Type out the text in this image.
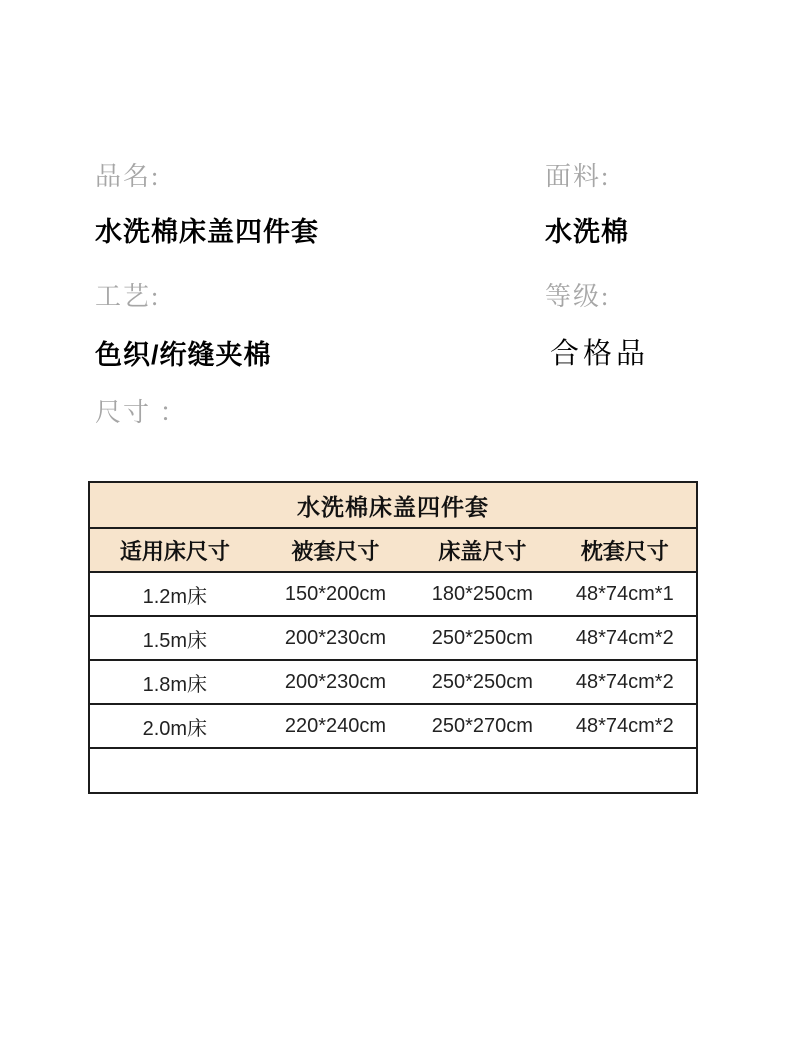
品名:
水洗棉床盖四件套
面料:
水洗棉
工艺:
色织/绗缝夹棉
等级:
合格品
尺寸 ：
水洗棉床盖四件套
适用床尺寸	被套尺寸	床盖尺寸	枕套尺寸
1.2m床	150*200cm	180*250cm	48*74cm*1
1.5m床	200*230cm	250*250cm	48*74cm*2
1.8m床	200*230cm	250*250cm	48*74cm*2
2.0m床	220*240cm	250*270cm	48*74cm*2
